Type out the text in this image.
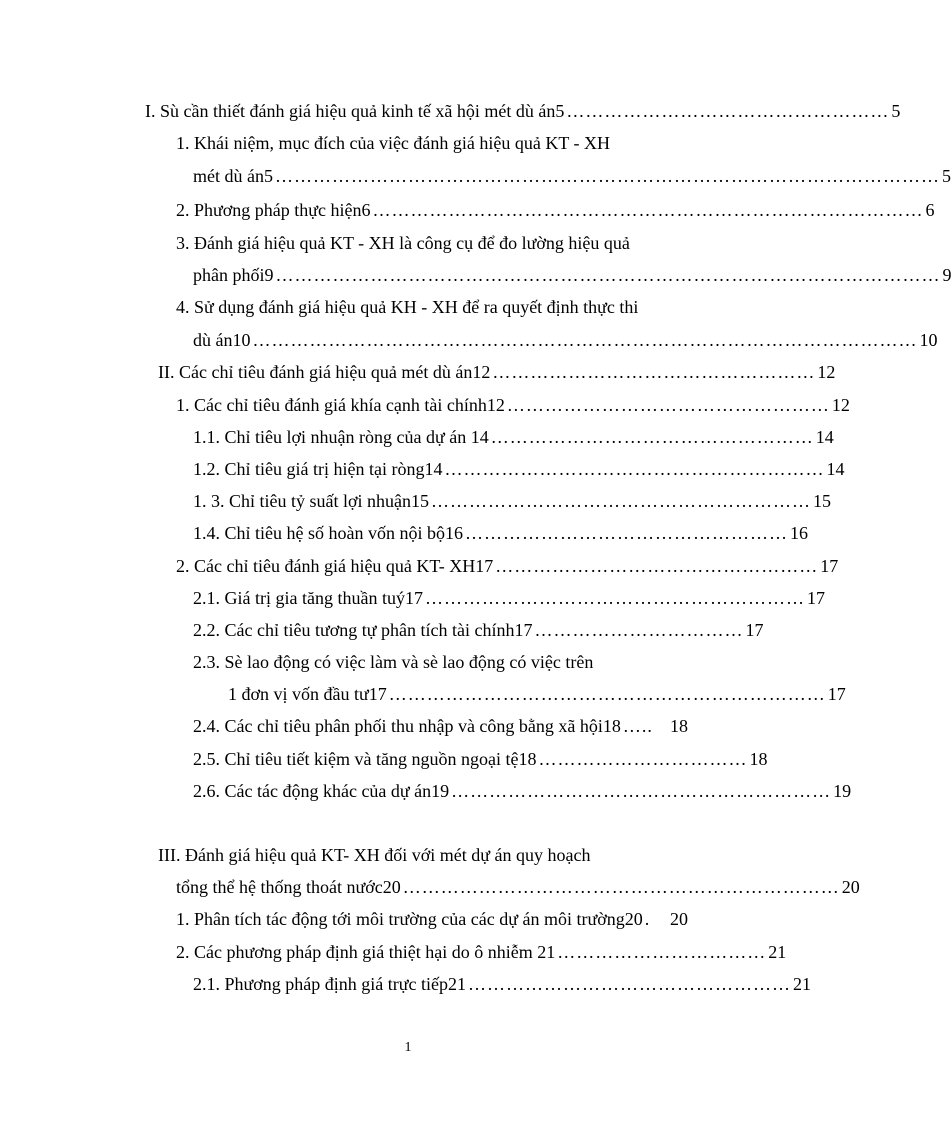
I. Sù cần thiết đánh giá hiệu quả kinh tế xã hội mét dù án5 …………………………………………… 5
1. Khái niệm, mục đích của việc đánh giá hiệu quả KT - XH
mét dù án5 …………………………………………………………………………………………… 5
2. Phương pháp thực hiện6 …………………………………………………………………………… 6
3. Đánh giá hiệu quả KT - XH là công cụ để đo lường hiệu quả
phân phối9 …………………………………………………………………………………………… 9
4. Sử dụng đánh giá hiệu quả KH - XH để ra quyết định thực thi
dù án10 …………………………………………………………………………………………… 10
II. Các chỉ tiêu đánh giá hiệu quả mét dù án12 …………………………………………… 12
1. Các chỉ tiêu đánh giá khía cạnh tài chính12 …………………………………………… 12
1.1. Chỉ tiêu lợi nhuận ròng của dự án 14 …………………………………………… 14
1.2. Chỉ tiêu giá trị hiện tại ròng14 …………………………………………………… 14
1. 3. Chỉ tiêu tỷ suất lợi nhuận15 …………………………………………………… 15
1.4. Chỉ tiêu hệ số hoàn vốn nội bộ16 …………………………………………… 16
2. Các chỉ tiêu đánh giá hiệu quả KT- XH17 …………………………………………… 17
2.1. Giá trị gia tăng thuần tuý17 …………………………………………………… 17
2.2. Các chỉ tiêu tương tự phân tích tài chính17 …………………………… 17
2.3. Sè lao động có việc làm và sè lao động có việc trên
1 đơn vị vốn đầu tư17 …………………………………………………………… 17
2.4. Các chỉ tiêu phân phối thu nhập và công bằng xã hội18 ….. 18
2.5. Chỉ tiêu tiết kiệm và tăng nguồn ngoại tệ18 …………………………… 18
2.6. Các tác động khác của dự án19 …………………………………………………… 19
III. Đánh giá hiệu quả KT- XH đối với mét dự án quy hoạch
tổng thể hệ thống thoát nước20 …………………………………………………………… 20
1. Phân tích tác động tới môi trường của các dự án môi trường20 .	20
2. Các phương pháp định giá thiệt hại do ô nhiễm 21 …………………………… 21
2.1. Phương pháp định giá trực tiếp21 …………………………………………… 21
1
